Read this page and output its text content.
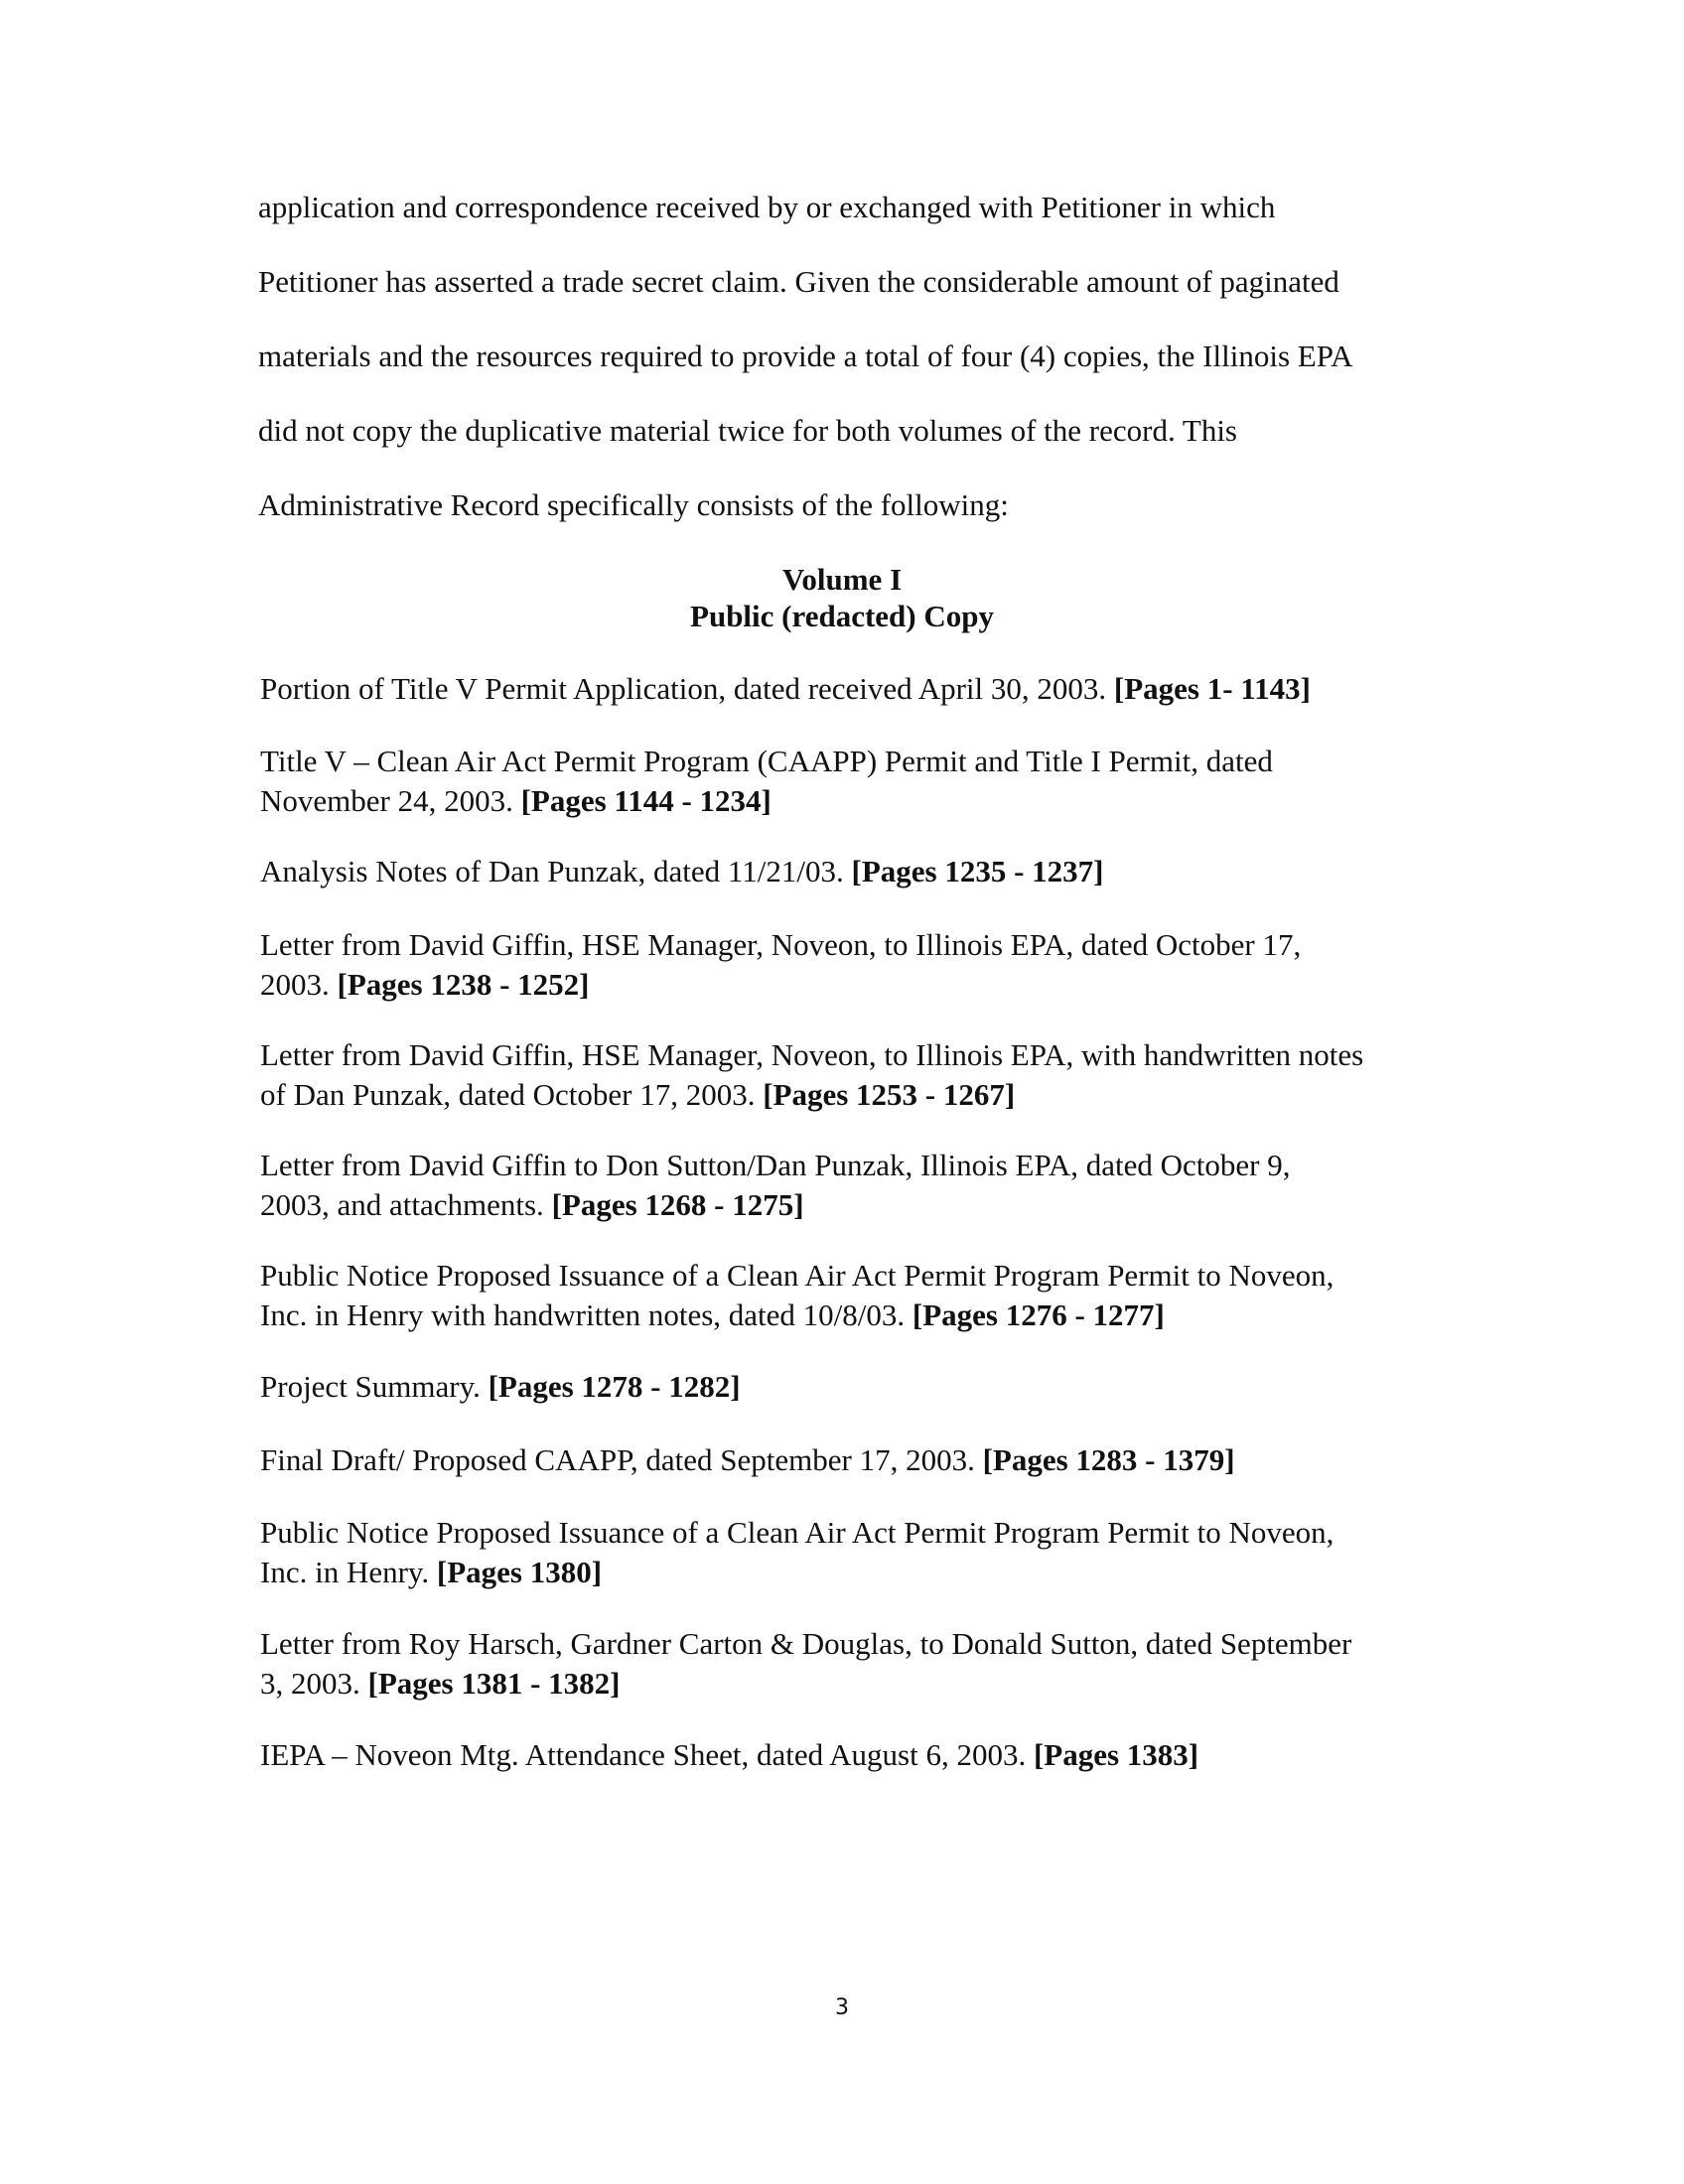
application and correspondence received by or exchanged with Petitioner in which
Petitioner has asserted a trade secret claim. Given the considerable amount of paginated
materials and the resources required to provide a total of four (4) copies, the Illinois EPA
did not copy the duplicative material twice for both volumes of the record. This
Administrative Record specifically consists of the following:
Volume I
Public (redacted) Copy
Portion of Title V Permit Application, dated received April 30, 2003. [Pages 1- 1143]
Title V – Clean Air Act Permit Program (CAAPP) Permit and Title I Permit, dated
November 24, 2003. [Pages 1144 - 1234]
Analysis Notes of Dan Punzak, dated 11/21/03. [Pages 1235 - 1237]
Letter from David Giffin, HSE Manager, Noveon, to Illinois EPA, dated October 17,
2003. [Pages 1238 - 1252]
Letter from David Giffin, HSE Manager, Noveon, to Illinois EPA, with handwritten notes
of Dan Punzak, dated October 17, 2003. [Pages 1253 - 1267]
Letter from David Giffin to Don Sutton/Dan Punzak, Illinois EPA, dated October 9,
2003, and attachments. [Pages 1268 - 1275]
Public Notice Proposed Issuance of a Clean Air Act Permit Program Permit to Noveon,
Inc. in Henry with handwritten notes, dated 10/8/03. [Pages 1276 - 1277]
Project Summary. [Pages 1278 - 1282]
Final Draft/ Proposed CAAPP, dated September 17, 2003. [Pages 1283 - 1379]
Public Notice Proposed Issuance of a Clean Air Act Permit Program Permit to Noveon,
Inc. in Henry. [Pages 1380]
Letter from Roy Harsch, Gardner Carton & Douglas, to Donald Sutton, dated September
3, 2003. [Pages 1381 - 1382]
IEPA – Noveon Mtg. Attendance Sheet, dated August 6, 2003. [Pages 1383]
3
